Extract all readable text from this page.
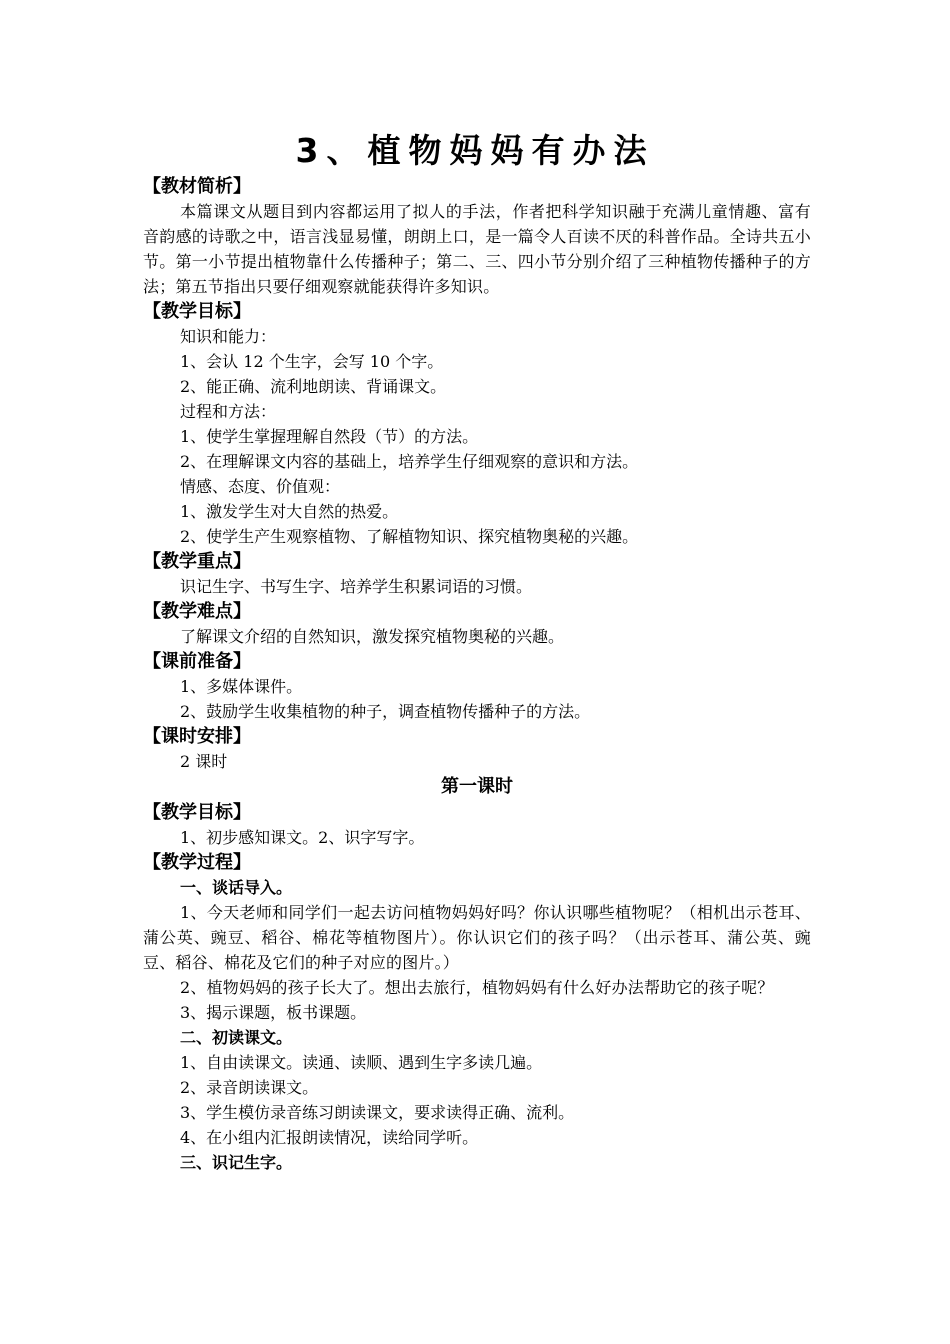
3、植物妈妈有办法
【教材简析】

本篇课文从题目到内容都运用了拟人的手法，作者把科学知识融于充满儿童情趣、富有音韵感的诗歌之中，语言浅显易懂，朗朗上口，是一篇令人百读不厌的科普作品。全诗共五小节。第一小节提出植物靠什么传播种子；第二、三、四小节分别介绍了三种植物传播种子的方法；第五节指出只要仔细观察就能获得许多知识。

【教学目标】
知识和能力：
1、会认 12 个生字，会写 10 个字。
2、能正确、流利地朗读、背诵课文。
过程和方法：
1、使学生掌握理解自然段（节）的方法。
2、在理解课文内容的基础上，培养学生仔细观察的意识和方法。
情感、态度、价值观：
1、激发学生对大自然的热爱。
2、使学生产生观察植物、了解植物知识、探究植物奥秘的兴趣。
【教学重点】
识记生字、书写生字、培养学生积累词语的习惯。
【教学难点】
了解课文介绍的自然知识，激发探究植物奥秘的兴趣。
【课前准备】
1、多媒体课件。
2、鼓励学生收集植物的种子，调查植物传播种子的方法。
【课时安排】
2 课时
第一课时
【教学目标】
1、初步感知课文。2、识字写字。
【教学过程】
一、谈话导入。

1、今天老师和同学们一起去访问植物妈妈好吗？你认识哪些植物呢？（相机出示苍耳、蒲公英、豌豆、稻谷、棉花等植物图片）。你认识它们的孩子吗？（出示苍耳、蒲公英、豌豆、稻谷、棉花及它们的种子对应的图片。）

2、植物妈妈的孩子长大了。想出去旅行，植物妈妈有什么好办法帮助它的孩子呢？

3、揭示课题，板书课题。
二、初读课文。
1、自由读课文。读通、读顺、遇到生字多读几遍。
2、录音朗读课文。
3、学生模仿录音练习朗读课文，要求读得正确、流利。
4、在小组内汇报朗读情况，读给同学听。
三、识记生字。
